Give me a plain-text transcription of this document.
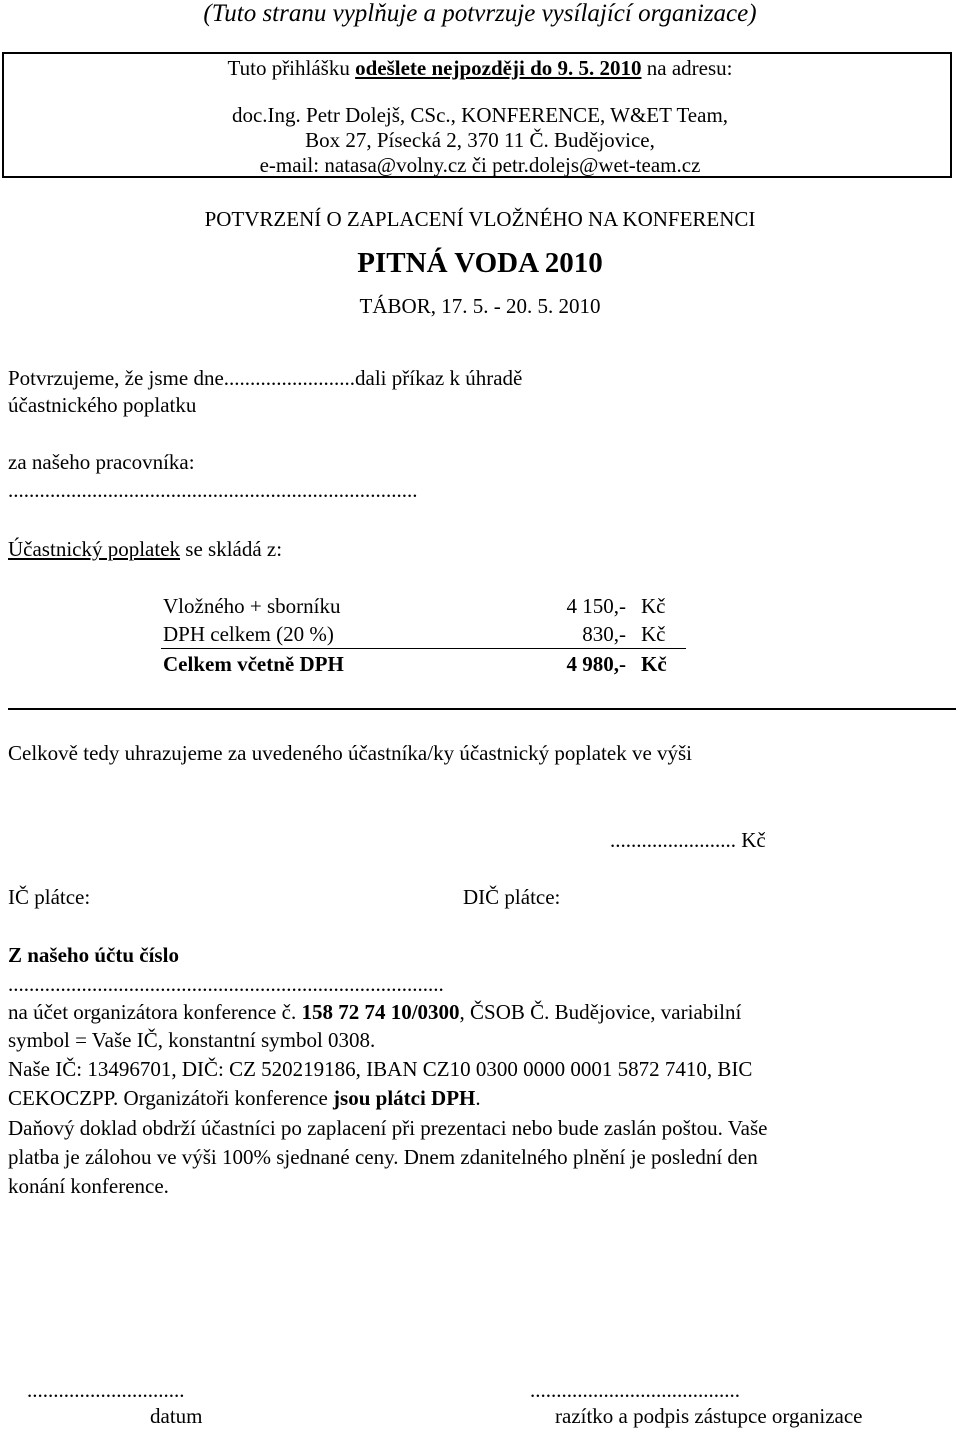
(Tuto stranu vyplňuje a potvrzuje vysílající organizace)
Tuto přihlášku odešlete nejpozději do 9. 5. 2010 na adresu:
doc.Ing. Petr Dolejš, CSc., KONFERENCE, W&ET Team,
Box 27, Písecká 2, 370 11 Č. Budějovice,
e-mail: natasa@volny.cz či petr.dolejs@wet-team.cz
POTVRZENÍ O ZAPLACENÍ VLOŽNÉHO NA KONFERENCI
PITNÁ VODA 2010
TÁBOR, 17. 5. - 20. 5. 2010
Potvrzujeme, že jsme dne.........................dali příkaz k úhradě
účastnického poplatku
za našeho pracovníka:
..............................................................................
Účastnický poplatek se skládá z:
Vložného + sborníku	4 150,- Kč
DPH celkem (20 %)	830,- Kč
Celkem včetně DPH	4 980,- Kč
Celkově tedy uhrazujeme za uvedeného účastníka/ky účastnický poplatek ve výši
........................ Kč
IČ plátce:	DIČ plátce:
Z našeho účtu číslo
...................................................................................
na účet organizátora konference č. 158 72 74 10/0300, ČSOB Č. Budějovice, variabilní
symbol = Vaše IČ, konstantní symbol 0308.
Naše IČ: 13496701, DIČ: CZ 520219186, IBAN CZ10 0300 0000 0001 5872 7410, BIC
CEKOCZPP. Organizátoři konference jsou plátci DPH.
Daňový doklad obdrží účastníci po zaplacení při prezentaci nebo bude zaslán poštou. Vaše
platba je zálohou ve výši 100% sjednané ceny. Dnem zdanitelného plnění je poslední den
konání konference.
..............................
datum
........................................
razítko a podpis zástupce organizace
